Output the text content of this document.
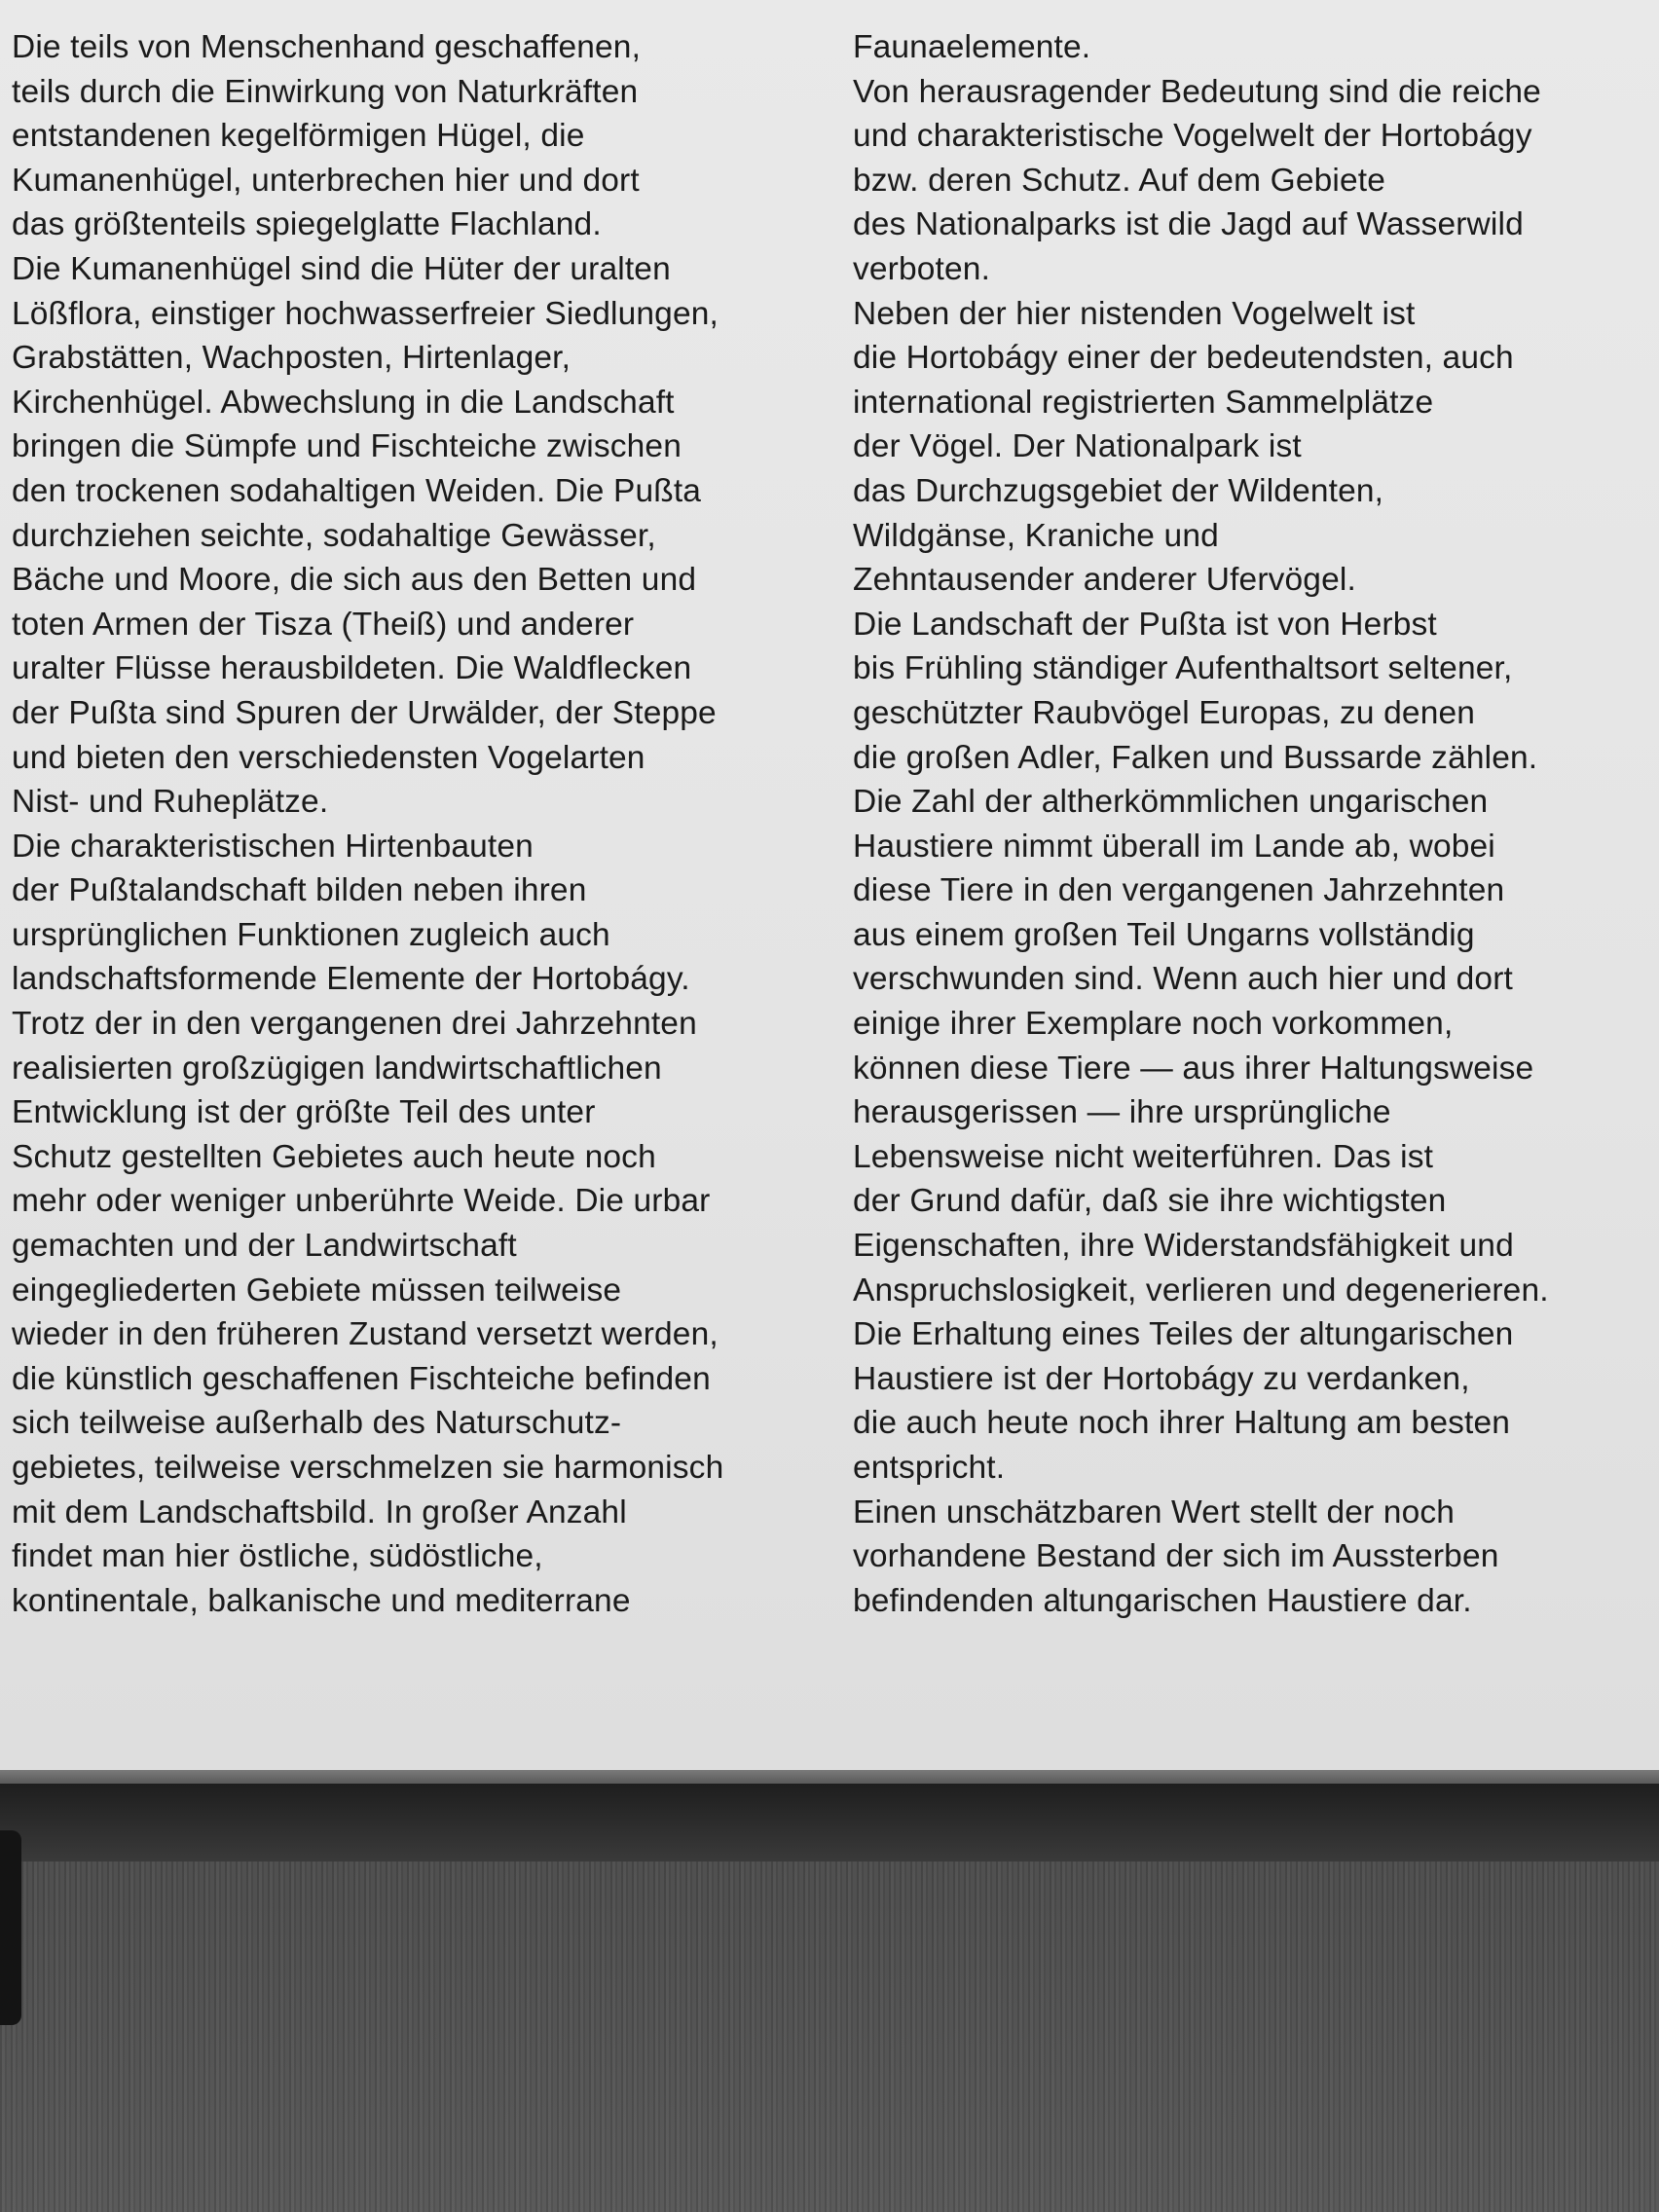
Die teils von Menschenhand geschaffenen,
teils durch die Einwirkung von Naturkräften
entstandenen kegelförmigen Hügel, die
Kumanenhügel, unterbrechen hier und dort
das größtenteils spiegelglatte Flachland.
Die Kumanenhügel sind die Hüter der uralten
Lößflora, einstiger hochwasserfreier Siedlungen,
Grabstätten, Wachposten, Hirtenlager,
Kirchenhügel. Abwechslung in die Landschaft
bringen die Sümpfe und Fischteiche zwischen
den trockenen sodahaltigen Weiden. Die Pußta
durchziehen seichte, sodahaltige Gewässer,
Bäche und Moore, die sich aus den Betten und
toten Armen der Tisza (Theiß) und anderer
uralter Flüsse herausbildeten. Die Waldflecken
der Pußta sind Spuren der Urwälder, der Steppe
und bieten den verschiedensten Vogelarten
Nist- und Ruheplätze.
Die charakteristischen Hirtenbauten
der Pußtalandschaft bilden neben ihren
ursprünglichen Funktionen zugleich auch
landschaftsformende Elemente der Hortobágy.
Trotz der in den vergangenen drei Jahrzehnten
realisierten großzügigen landwirtschaftlichen
Entwicklung ist der größte Teil des unter
Schutz gestellten Gebietes auch heute noch
mehr oder weniger unberührte Weide. Die urbar
gemachten und der Landwirtschaft
eingegliederten Gebiete müssen teilweise
wieder in den früheren Zustand versetzt werden,
die künstlich geschaffenen Fischteiche befinden
sich teilweise außerhalb des Naturschutz-
gebietes, teilweise verschmelzen sie harmonisch
mit dem Landschaftsbild. In großer Anzahl
findet man hier östliche, südöstliche,
kontinentale, balkanische und mediterrane
Faunaelemente.
Von herausragender Bedeutung sind die reiche
und charakteristische Vogelwelt der Hortobágy
bzw. deren Schutz. Auf dem Gebiete
des Nationalparks ist die Jagd auf Wasserwild
verboten.
Neben der hier nistenden Vogelwelt ist
die Hortobágy einer der bedeutendsten, auch
international registrierten Sammelplätze
der Vögel. Der Nationalpark ist
das Durchzugsgebiet der Wildenten,
Wildgänse, Kraniche und
Zehntausender anderer Ufervögel.
Die Landschaft der Pußta ist von Herbst
bis Frühling ständiger Aufenthaltsort seltener,
geschützter Raubvögel Europas, zu denen
die großen Adler, Falken und Bussarde zählen.
Die Zahl der altherkömmlichen ungarischen
Haustiere nimmt überall im Lande ab, wobei
diese Tiere in den vergangenen Jahrzehnten
aus einem großen Teil Ungarns vollständig
verschwunden sind. Wenn auch hier und dort
einige ihrer Exemplare noch vorkommen,
können diese Tiere — aus ihrer Haltungsweise
herausgerissen — ihre ursprüngliche
Lebensweise nicht weiterführen. Das ist
der Grund dafür, daß sie ihre wichtigsten
Eigenschaften, ihre Widerstandsfähigkeit und
Anspruchslosigkeit, verlieren und degenerieren.
Die Erhaltung eines Teiles der altungarischen
Haustiere ist der Hortobágy zu verdanken,
die auch heute noch ihrer Haltung am besten
entspricht.
Einen unschätzbaren Wert stellt der noch
vorhandene Bestand der sich im Aussterben
befindenden altungarischen Haustiere dar.
